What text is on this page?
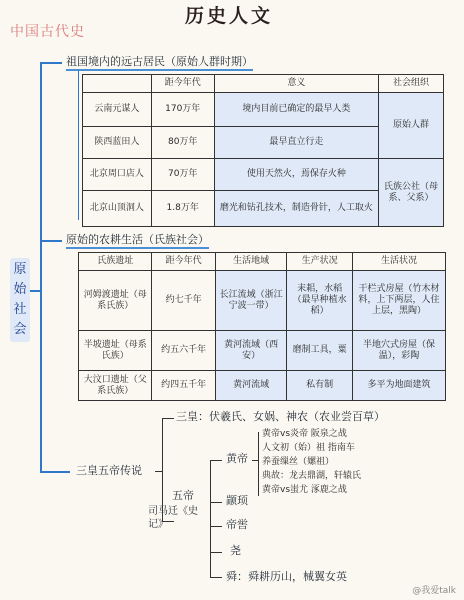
历史人文
中国古代史
原
始
社
会
祖国境内的远古居民（原始人群时期）
	距今年代	意义	社会组织
云南元谋人	170万年	境内目前已确定的最早人类	原始人群
陕西蓝田人	80万年	最早直立行走	
北京周口店人	70万年	使用天然火，焉保存火种	氏族公社（母系、父系）
北京山顶洞人	1.8万年	磨光和钻孔技术，制造骨针，人工取火	
原始的农耕生活（氏族社会）
氏族遗址	距今年代	生活地域	生产状况	生活状况
河姆渡遗址（母系氏族）	约七千年	长江流域（浙江宁波一带）	耒耜，水稻（最早种植水稻）	干栏式房屋（竹木材料，上下两层，人住上层，黑陶）
半坡遗址（母系氏族）	约五六千年	黄河流域（西安）	磨制工具，粟	半地穴式房屋（保温），彩陶
大汶口遗址（父系氏族）	约四五千年	黄河流域	私有制	多平为地面建筑
三皇五帝传说
三皇：伏羲氏、女娲、神农（农业尝百草）
五帝
司马迁《史记》
黄帝
颛顼
帝喾
尧
舜：舜耕历山，械翼女英
黄帝vs炎帝 阪泉之战
人文初（始）祖 指南车
养蚕缫丝（嫘祖）
典故：龙去鼎湖，轩辕氏
黄帝vs蚩尤 涿鹿之战
@我爱talk
